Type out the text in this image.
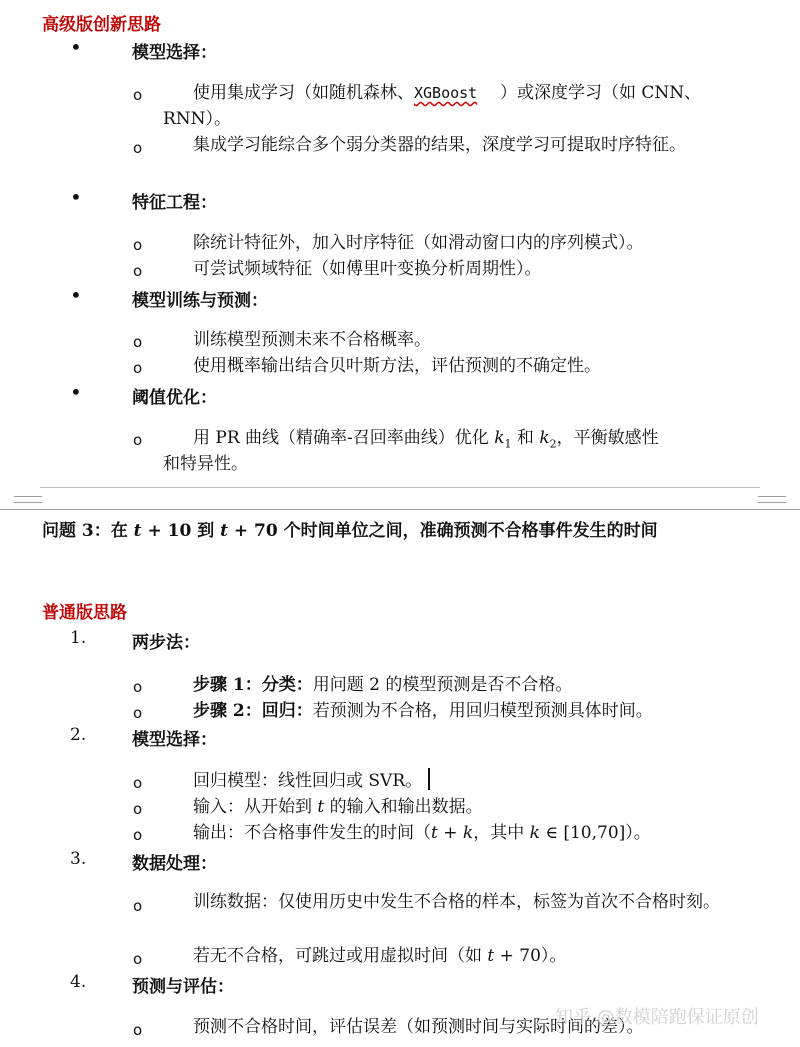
高级版创新思路
•	模型选择：
o	使用集成学习（如随机森林、XGBoost ）或深度学习（如 CNN、
RNN）。
o	集成学习能综合多个弱分类器的结果，深度学习可提取时序特征。
•	特征工程：
o	除统计特征外，加入时序特征（如滑动窗口内的序列模式）。
o	可尝试频域特征（如傅里叶变换分析周期性）。
•	模型训练与预测：
o	训练模型预测未来不合格概率。
o	使用概率输出结合贝叶斯方法，评估预测的不确定性。
•	阈值优化：
o	用 PR 曲线（精确率-召回率曲线）优化 $k_1$ 和 $k_2$，平衡敏感性
和特异性。
问题 3：在 t + 10 到 t + 70 个时间单位之间，准确预测不合格事件发生的时间
普通版思路
1.	两步法：
o	步骤 1：分类：用问题 2 的模型预测是否不合格。
o	步骤 2：回归：若预测为不合格，用回归模型预测具体时间。
2.	模型选择：
o	回归模型：线性回归或 SVR。
o	输入：从开始到 t 的输入和输出数据。
o	输出：不合格事件发生的时间（t + k，其中 k ∈ [10,70]）。
3.	数据处理：
o	训练数据：仅使用历史中发生不合格的样本，标签为首次不合格时刻。
o	若无不合格，可跳过或用虚拟时间（如 t + 70）。
4.	预测与评估：
o	预测不合格时间，评估误差（如预测时间与实际时间的差）。
知乎 @数模陪跑保证原创
